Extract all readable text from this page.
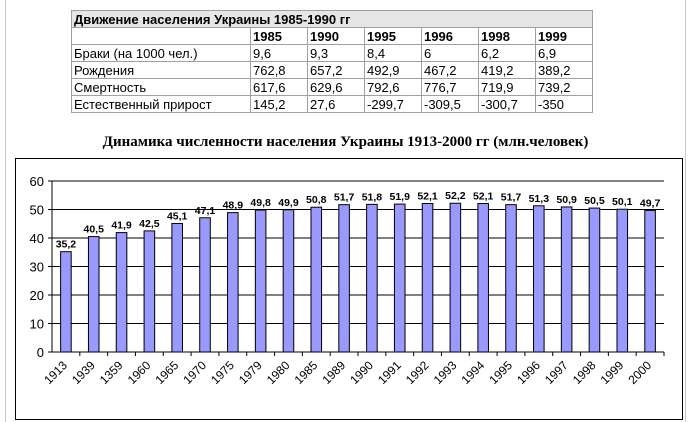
Движение населения Украины 1985-1990 гг						
	1985	1990	1995	1996	1998	1999
Браки (на 1000 чел.)	9,6	9,3	8,4	6	6,2	6,9
Рождения	762,8	657,2	492,9	467,2	419,2	389,2
Смертность	617,6	629,6	792,6	776,7	719,9	739,2
Естественный прирост	145,2	27,6	-299,7	-309,5	-300,7	-350
Динамика численности населения Украины 1913-2000 гг (млн.человек)
0
10
20
30
40
50
60
35,2
1913
40,5
1939
41,9
1359
42,5
1960
45,1
1965
47,1
1970
48,9
1975
49,8
1979
49,9
1980
50,8
1985
51,7
1989
51,8
1990
51,9
1991
52,1
1992
52,2
1993
52,1
1994
51,7
1995
51,3
1996
50,9
1997
50,5
1998
50,1
1999
49,7
2000
